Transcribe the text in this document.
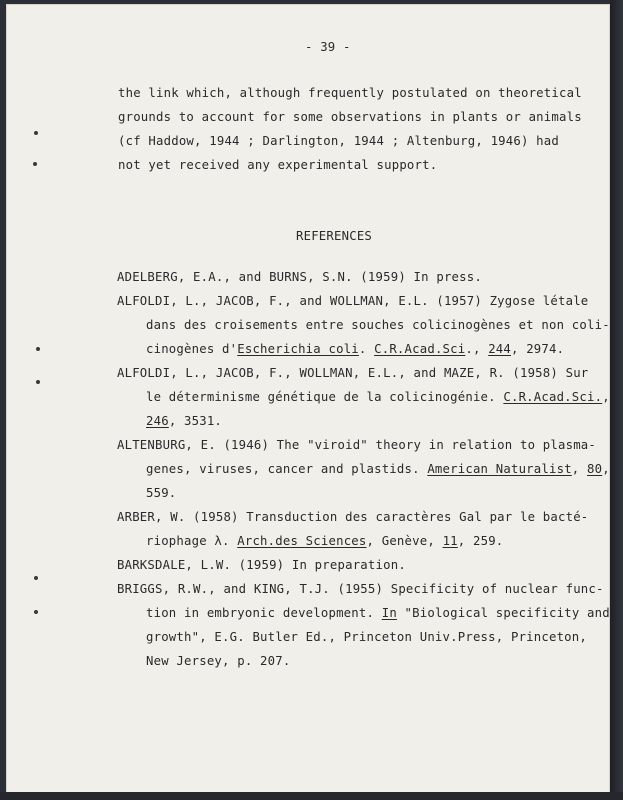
- 39 -
the link which, although frequently postulated on theoretical
grounds to account for some observations in plants or animals
(cf Haddow, 1944 ; Darlington, 1944 ; Altenburg, 1946) had
not yet received any experimental support.
REFERENCES
ADELBERG, E.A., and BURNS, S.N. (1959) In press.
ALFOLDI, L., JACOB, F., and WOLLMAN, E.L. (1957) Zygose létale
dans des croisements entre souches colicinogènes et non coli-
cinogènes d'Escherichia coli. C.R.Acad.Sci., 244, 2974.
ALFOLDI, L., JACOB, F., WOLLMAN, E.L., and MAZE, R. (1958) Sur
le déterminisme génétique de la colicinogénie. C.R.Acad.Sci.,
246, 3531.
ALTENBURG, E. (1946) The "viroid" theory in relation to plasma-
genes, viruses, cancer and plastids. American Naturalist, 80,
559.
ARBER, W. (1958) Transduction des caractères Gal par le bacté-
riophage λ. Arch.des Sciences, Genève, 11, 259.
BARKSDALE, L.W. (1959) In preparation.
BRIGGS, R.W., and KING, T.J. (1955) Specificity of nuclear func-
tion in embryonic development. In "Biological specificity and
growth", E.G. Butler Ed., Princeton Univ.Press, Princeton,
New Jersey, p. 207.
